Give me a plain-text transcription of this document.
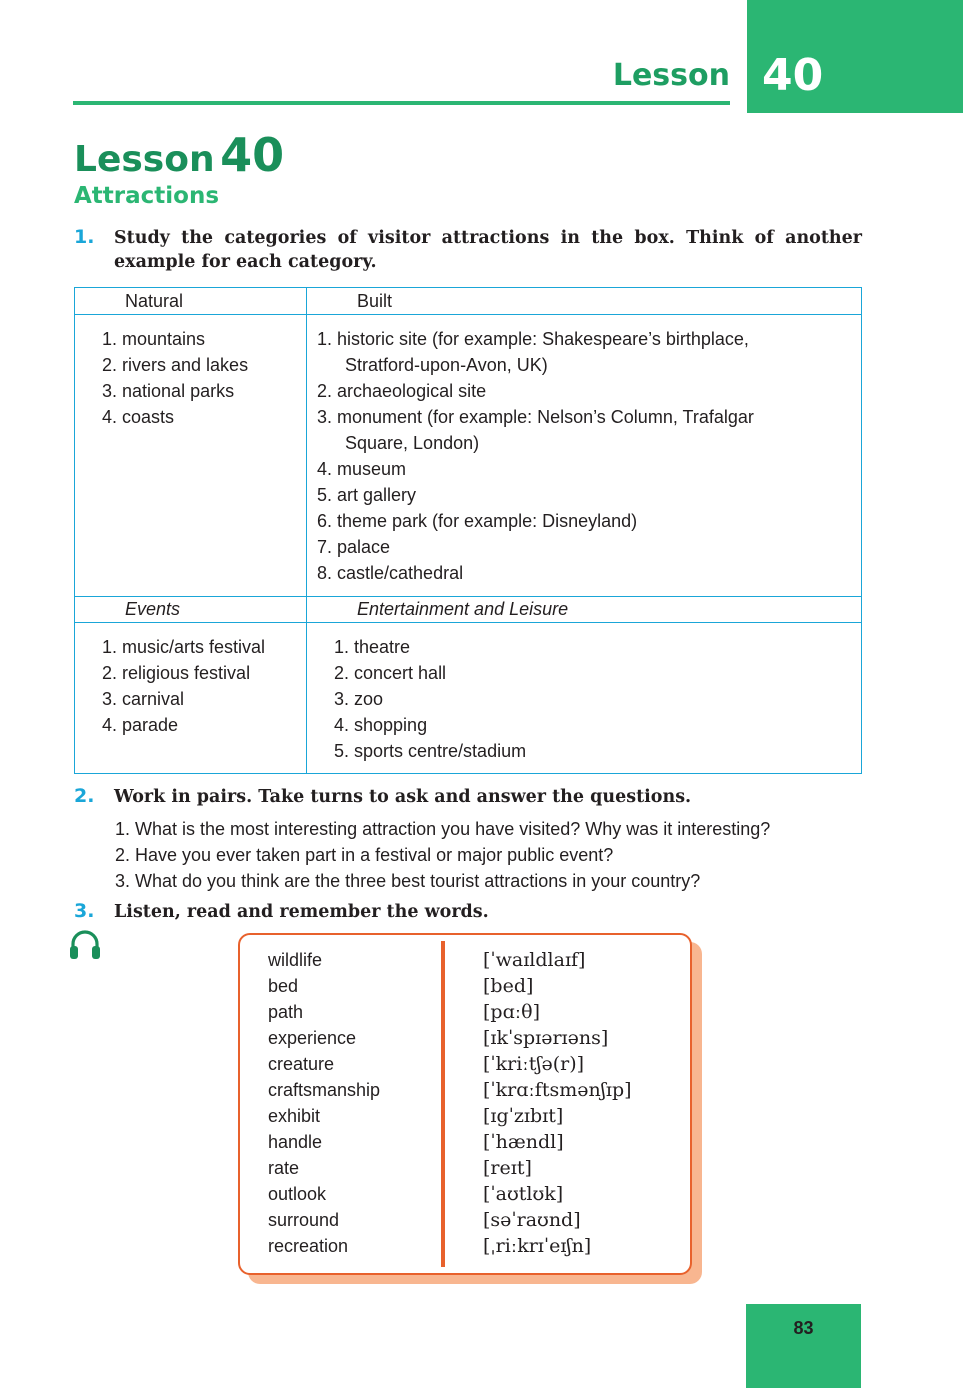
Lesson 40
Lesson 40
Attractions
1. Study the categories of visitor attractions in the box. Think of another example for each category.
Natural	Built
1. mountains
2. rivers and lakes
3. national parks
4. coasts
1. historic site (for example: Shakespeare’s birthplace,
Stratford-upon-Avon, UK)
2. archaeological site
3. monument (for example: Nelson’s Column, Trafalgar
Square, London)
4. museum
5. art gallery
6. theme park (for example: Disneyland)
7. palace
8. castle/cathedral
Events	Entertainment and Leisure
1. music/arts festival
2. religious festival
3. carnival
4. parade
1. theatre
2. concert hall
3. zoo
4. shopping
5. sports centre/stadium
2. Work in pairs. Take turns to ask and answer the questions.
1. What is the most interesting attraction you have visited? Why was it interesting?
2. Have you ever taken part in a festival or major public event?
3. What do you think are the three best tourist attractions in your country?
3. Listen, read and remember the words.
wildlife
bed
path
experience
creature
craftsmanship
exhibit
handle
rate
outlook
surround
recreation
[ˈwaɪldlaɪf]
[bed]
[pɑːθ]
[ɪkˈspɪərɪəns]
[ˈkriːtʃə(r)]
[ˈkrɑːftsmənʃɪp]
[ɪgˈzɪbɪt]
[ˈhændl]
[reɪt]
[ˈaʊtlʊk]
[səˈraʊnd]
[ˌriːkrɪˈeɪʃn]
83
